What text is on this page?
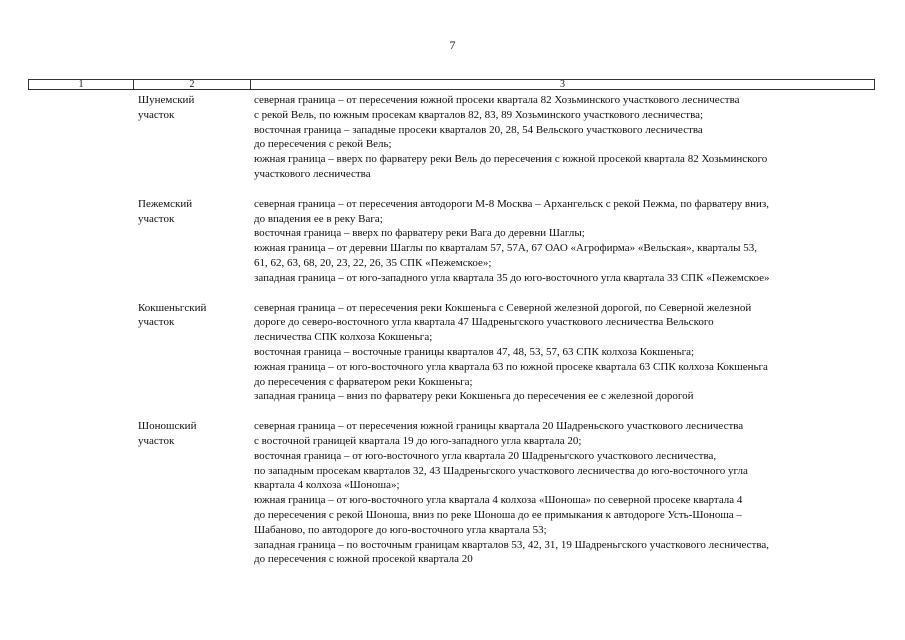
7
1	2	3
Шунемский
участок
северная граница – от пересечения южной просеки квартала 82 Хозьминского участкового лесничества
с рекой Вель, по южным просекам кварталов 82, 83, 89 Хозьминского участкового лесничества;
восточная граница – западные просеки кварталов 20, 28, 54 Вельского участкового лесничества
до пересечения с рекой Вель;
южная граница – вверх по фарватеру реки Вель до пересечения с южной просекой квартала 82 Хозьминского
участкового лесничества
Пежемский
участок
северная граница – от пересечения автодороги М-8 Москва – Архангельск с рекой Пежма, по фарватеру вниз,
до впадения ее в реку Вага;
восточная граница – вверх по фарватеру реки Вага до деревни Шаглы;
южная граница – от деревни Шаглы по кварталам 57, 57А, 67 ОАО «Агрофирма» «Вельская», кварталы 53,
61, 62, 63, 68, 20, 23, 22, 26, 35 СПК «Пежемское»;
западная граница – от юго-западного угла квартала 35 до юго-восточного угла квартала 33 СПК «Пежемское»
Кокшеньгский
участок
северная граница – от пересечения реки Кокшеньга с Северной железной дорогой, по Северной железной
дороге до северо-восточного угла квартала 47 Шадреньгского участкового лесничества Вельского
лесничества СПК колхоза Кокшеньга;
восточная граница – восточные границы кварталов 47, 48, 53, 57, 63 СПК колхоза Кокшеньга;
южная граница – от юго-восточного угла квартала 63 по южной просеке квартала 63 СПК колхоза Кокшеньга
до пересечения с фарватером реки Кокшеньга;
западная граница – вниз по фарватеру реки Кокшеньга до пересечения ее с железной дорогой
Шоношский
участок
северная граница – от пересечения южной границы квартала 20 Шадреньского участкового лесничества
с восточной границей квартала 19 до юго-западного угла квартала 20;
восточная граница – от юго-восточного угла квартала 20 Шадреньгского участкового лесничества,
по западным просекам кварталов 32, 43 Шадреньгского участкового лесничества до юго-восточного угла
квартала 4 колхоза «Шоноша»;
южная граница – от юго-восточного угла квартала 4 колхоза «Шоноша» по северной просеке квартала 4
до пересечения с рекой Шоноша, вниз по реке Шоноша до ее примыкания к автодороге Усть-Шоноша –
Шабаново, по автодороге до юго-восточного угла квартала 53;
западная граница – по восточным границам кварталов 53, 42, 31, 19 Шадреньгского участкового лесничества,
до пересечения с южной просекой квартала 20
